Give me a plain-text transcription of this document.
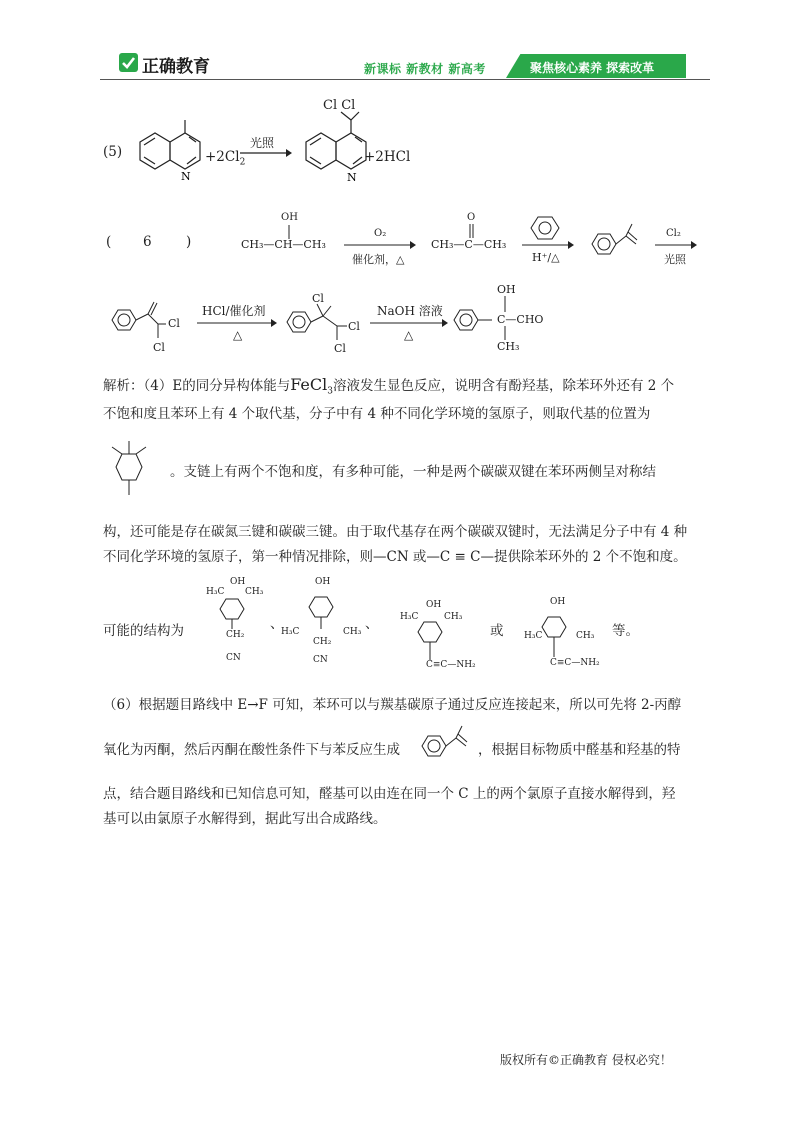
正确教育	新课标 新教材 新高考	聚焦核心素养 探索改革
(5)
N
$+2Cl_2$
光照
Cl Cl
N
+2HCl
( 6	)
OH
CH₃—CH—CH₃
O₂
催化剂，△
O
CH₃—C—CH₃
H⁺/△
Cl₂
光照
Cl
Cl
HCl/催化剂
△
Cl
Cl
Cl
NaOH 溶液
△
OH
C—CHO
CH₃
解析：（4）E的同分异构体能与FeCl$_3$溶液发生显色反应，说明含有酚羟基，除苯环外还有 2 个
不饱和度且苯环上有 4 个取代基，分子中有 4 种不同化学环境的氢原子，则取代基的位置为
。支链上有两个不饱和度，有多种可能，一种是两个碳碳双键在苯环两侧呈对称结
构，还可能是存在碳氮三键和碳碳三键。由于取代基存在两个碳碳双键时，无法满足分子中有 4 种
不同化学环境的氢原子，第一种情况排除，则—CN 或—C ≡ C—提供除苯环外的 2 个不饱和度。
可能的结构为
OH
H₃C CH₃
CH₂
CN
、
OH
H₃C	CH₃
CH₂
CN
、
OH
H₃C	CH₃
C≡C—NH₂
或
OH
H₃C	CH₃
C≡C—NH₂
等。
（6）根据题目路线中 E→F 可知，苯环可以与羰基碳原子通过反应连接起来，所以可先将 2-丙醇
氧化为丙酮，然后丙酮在酸性条件下与苯反应生成	，根据目标物质中醛基和羟基的特
点，结合题目路线和已知信息可知，醛基可以由连在同一个 C 上的两个氯原子直接水解得到，羟
基可以由氯原子水解得到，据此写出合成路线。
版权所有©正确教育 侵权必究！
